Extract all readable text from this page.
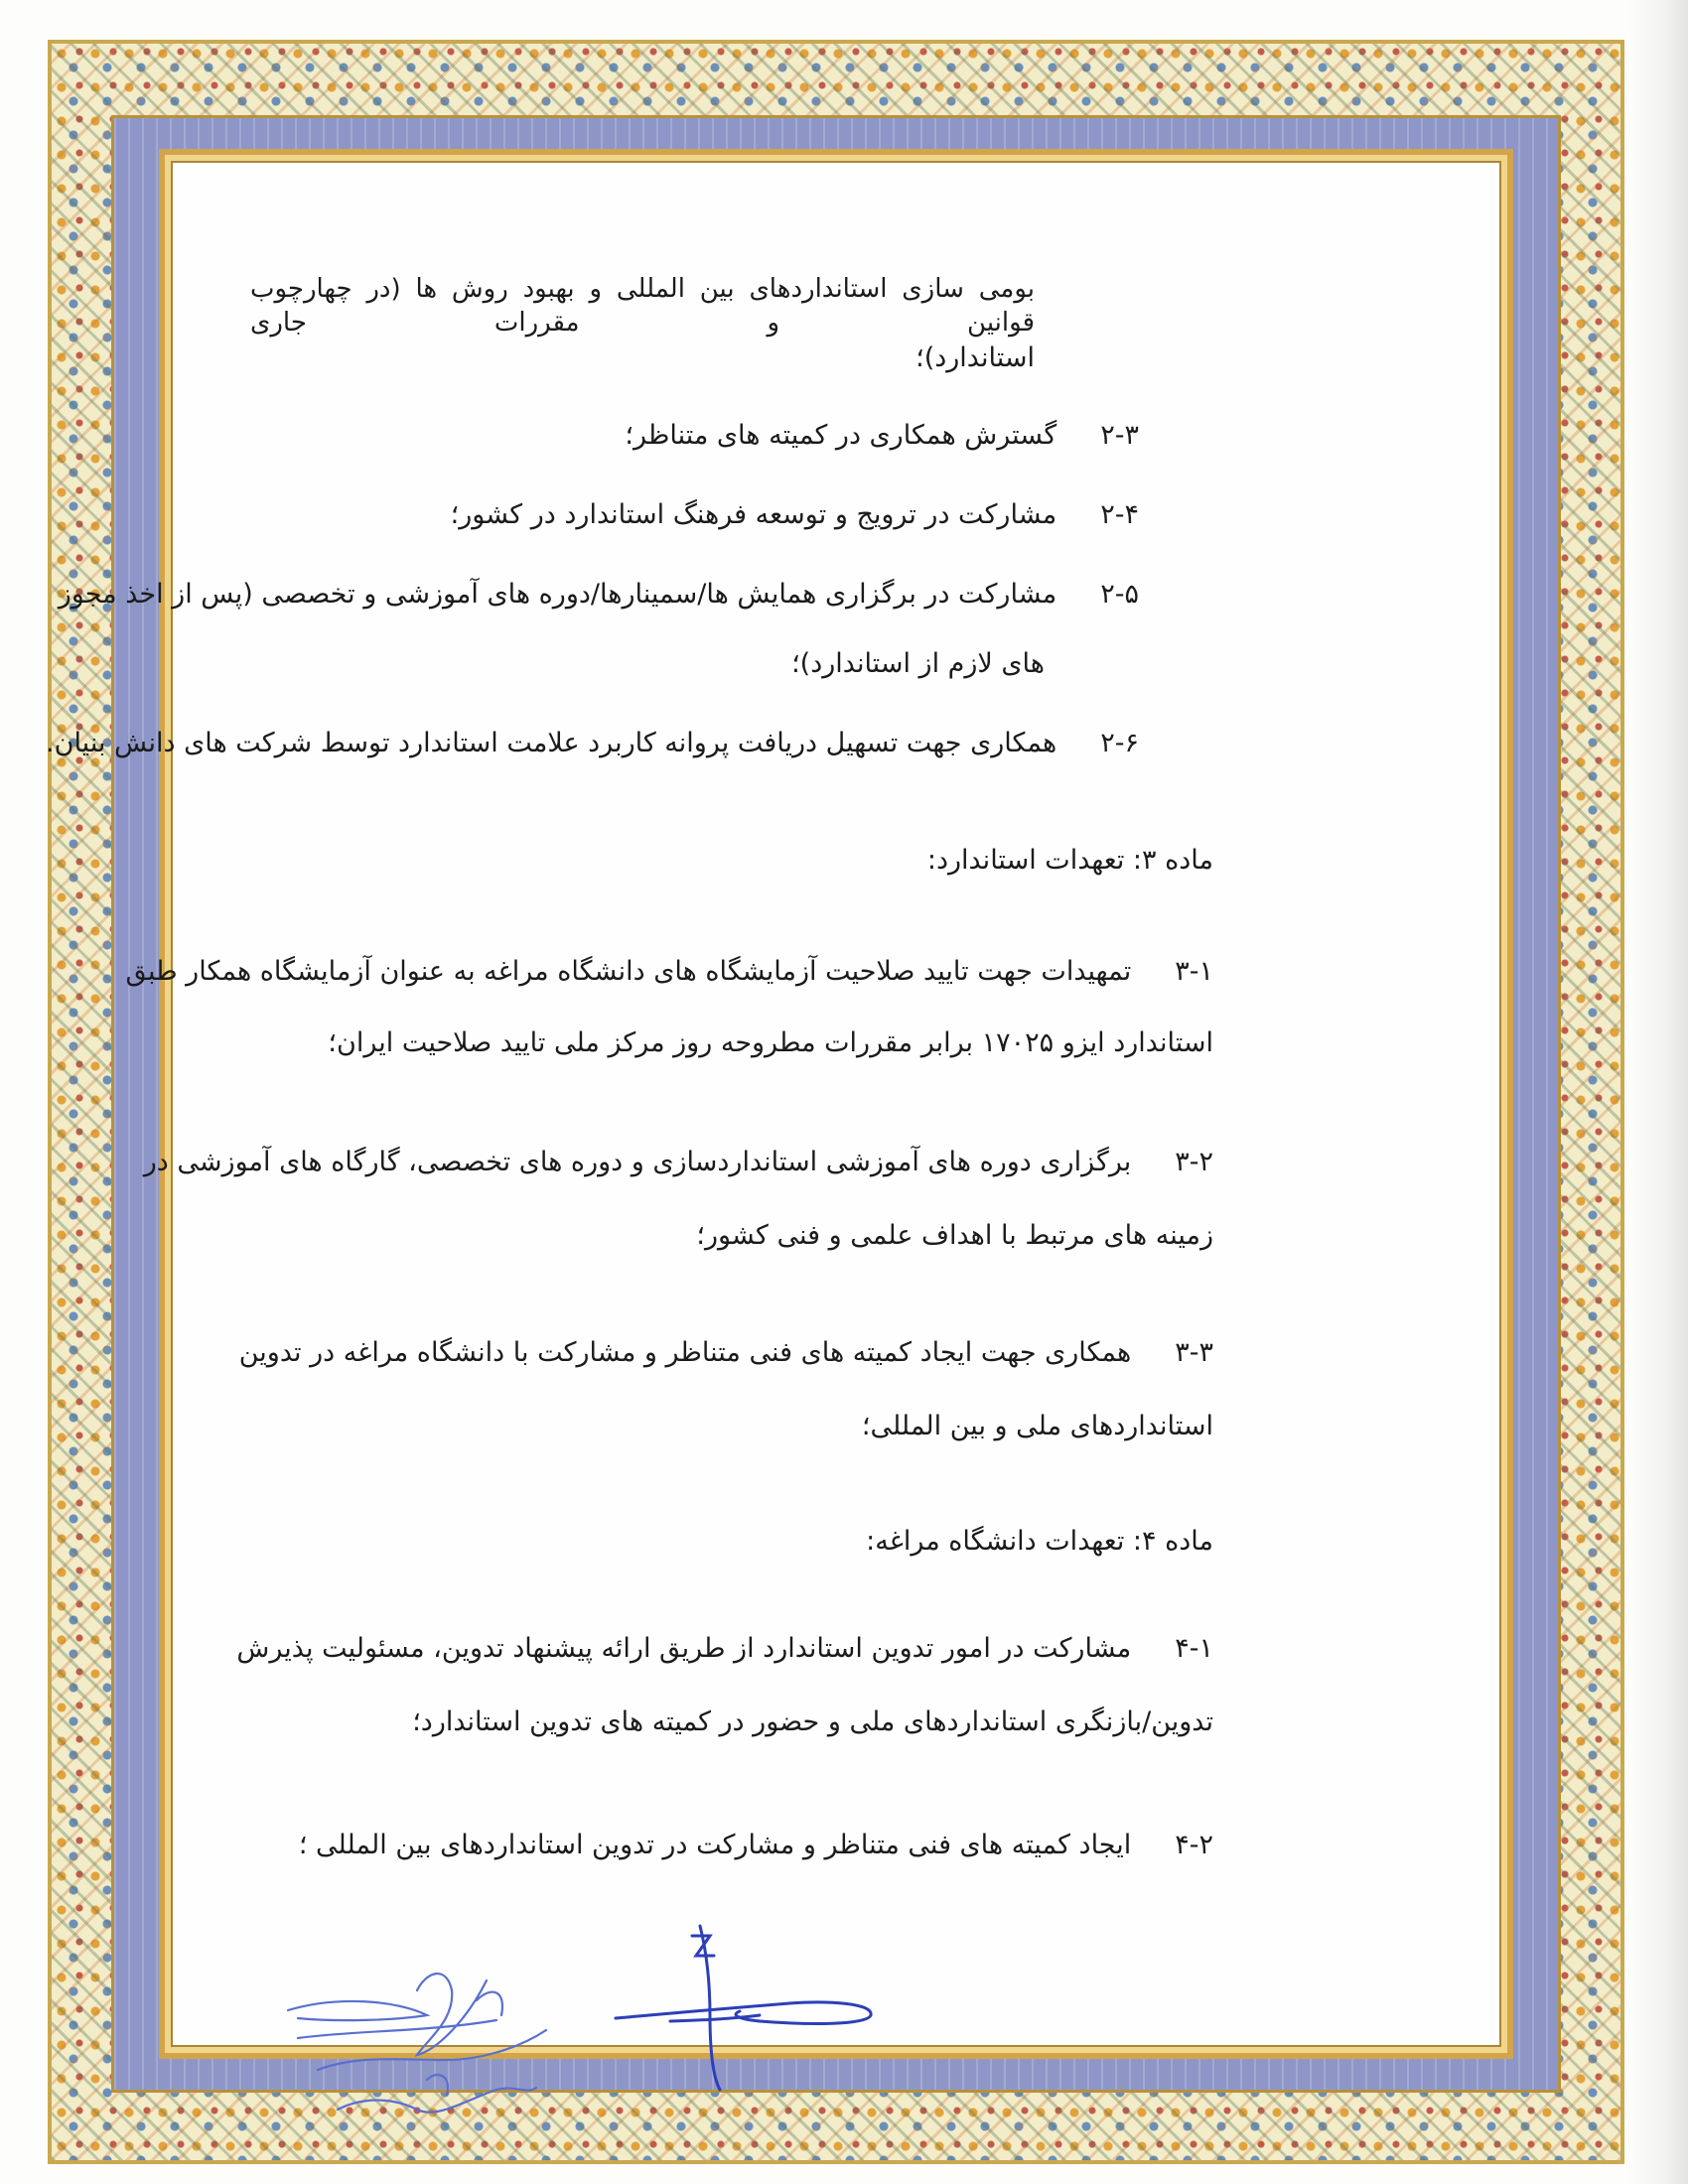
بومی سازی استانداردهای بین المللی و بهبود روش ها (در چهارچوب قوانین و مقررات جاری
استاندارد)؛
۲-۳گسترش همکاری در کمیته های متناظر؛
۲-۴مشارکت در ترویج و توسعه فرهنگ استاندارد در کشور؛
۲-۵مشارکت در برگزاری همایش ها/سمینارها/دوره های آموزشی و تخصصی (پس از اخذ مجوز
های لازم از استاندارد)؛
۲-۶همکاری جهت تسهیل دریافت پروانه کاربرد علامت استاندارد توسط شرکت های دانش بنیان.
ماده ۳: تعهدات استاندارد:
۳-۱تمهیدات جهت تایید صلاحیت آزمایشگاه های دانشگاه مراغه به عنوان آزمایشگاه همکار طبق
استاندارد ایزو ۱۷۰۲۵ برابر مقررات مطروحه روز مرکز ملی تایید صلاحیت ایران؛
۳-۲برگزاری دوره های آموزشی استانداردسازی و دوره های تخصصی، گارگاه های آموزشی در
زمینه های مرتبط با اهداف علمی و فنی کشور؛
۳-۳همکاری جهت ایجاد کمیته های فنی متناظر و مشارکت با دانشگاه مراغه در تدوین
استانداردهای ملی و بین المللی؛
ماده ۴: تعهدات دانشگاه مراغه:
۴-۱مشارکت در امور تدوین استاندارد از طریق ارائه پیشنهاد تدوین، مسئولیت پذیرش
تدوین/بازنگری استانداردهای ملی و حضور در کمیته های تدوین استاندارد؛
۴-۲ایجاد کمیته های فنی متناظر و مشارکت در تدوین استانداردهای بین المللی ؛
